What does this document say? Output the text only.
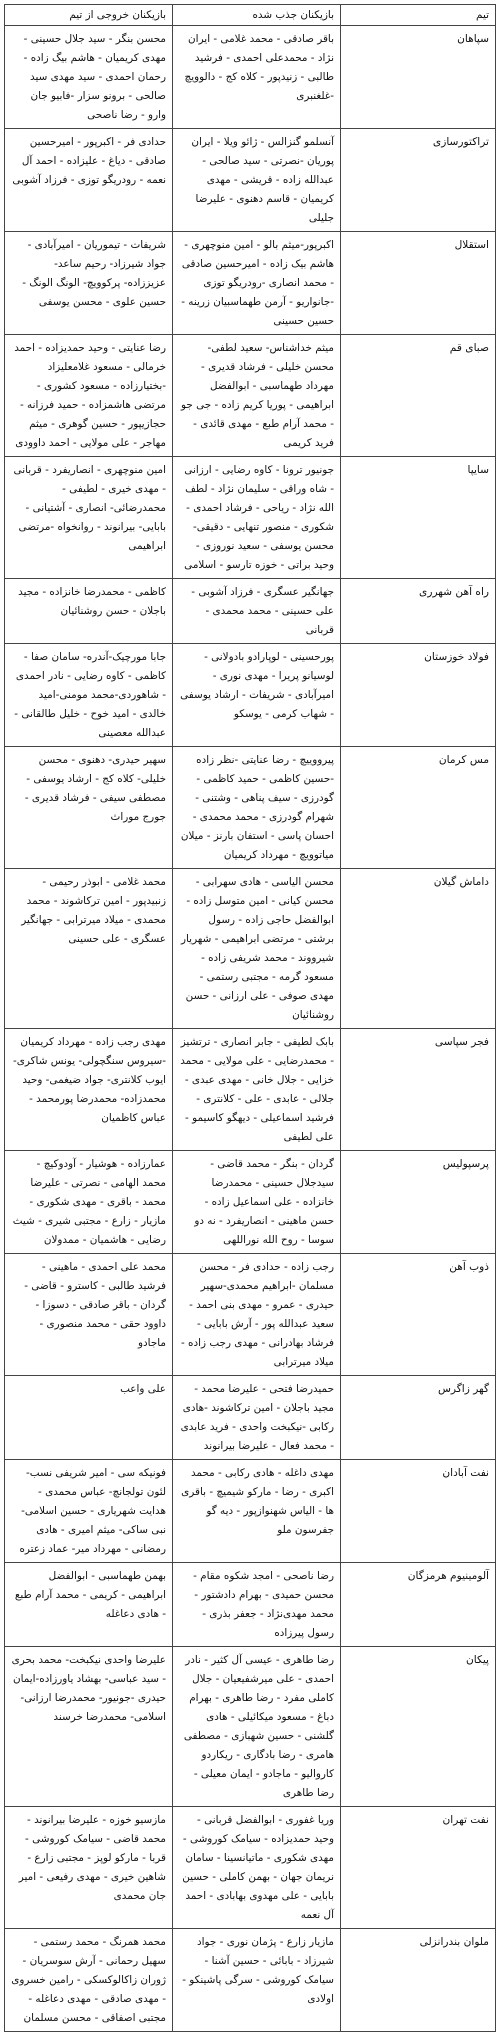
تیم
بازیکنان جذب شده
بازیکنان خروجی از تیم
سپاهان
باقر صادقی - محمد غلامی - ایران نژاد - محمدعلی احمدی - فرشید طالبی - زنیدپور - کلاه کج - دالوویچ -غلغنبری
محسن بنگر - سید جلال حسینی - مهدی کریمیان - هاشم بیگ زاده - رحمان احمدی - سید مهدی سید صالحی - برونو سزار -فابیو جان وارو - رضا ناصحی
تراکتورسازی
آنسلمو گنزالس - ژائو ویلا - ایران پوریان -نصرتی - سید صالحی - عبدالله زاده - قریشی - مهدی کریمیان - قاسم دهنوی - علیرضا جلیلی
حدادی فر - اکبرپور - امیرحسین صادقی - دیاغ - علیزاده - احمد آل نعمه - رودریگو توزی - فرزاد آشوبی
استقلال
اکبرپور-میثم بالو - امین منوچهری - هاشم بیک زاده - امیرحسین صادقی - محمد انصاری -رودریگو توزی -جانواریو - آرمن طهماسبیان زرینه - حسین حسینی
شریفات - تیموریان - امیرآبادی - جواد شیرزاد- رحیم ساعد- عزیززاده- پرکوویچ- الونگ الونگ - حسین علوی - محسن یوسفی
صبای قم
میثم خداشناس- سعید لطفی- محسن خلیلی - فرشاد قدیری - مهرداد طهماسبی - ابوالفضل ابراهیمی - پوریا کریم زاده - جی جو - محمد آرام طبع - مهدی قائدی - فرید کریمی
رضا عنایتی - وحید حمدیزاده - احمد خرمالی - مسعود غلامعلیزاد -بختیارزاده - مسعود کشوری - مرتضی هاشمزاده - حمید فرزانه - حجازیپور - حسین گوهری - میثم مهاجر - علی مولایی - احمد داوودی
سایپا
جونیور ترونا - کاوه رضایی - ارزانی - شاه وراقی - سلیمان نژاد - لطف الله نژاد - ریاحی - فرشاد احمدی - شکوری - منصور تنهایی - دقیقی-محسن یوسفی - سعید نوروزی - وحید براتی - خوزه تارسو - اسلامی
امین منوچهری - انصاریفرد - قربانی - مهدی خیری - لطیفی - محمدرضائی- انصاری - آشتیانی - بابایی- بیرانوند - روانخواه -مرتضی ابراهیمی
راه آهن شهرری
جهانگیر عسگری - فرزاد آشوبی - علی حسینی - محمد محمدی - قربانی
کاظمی - محمدرضا خانزاده - مجید باجلان - حسن روشنائیان
فولاد خوزستان
پورحسینی - لوپارادو بادولانی - لوسیانو پریرا - مهدی نوری - امیرآبادی - شریفات - ارشاد یوسفی - شهاب کرمی - یوسکو
جابا مورچیک-آندره- سامان صفا - کاظمی - کاوه رضایی - نادر احمدی - شاهوردی-محمد مومنی-امید خالدی - امید خوح - خلیل طالقانی - عبدالله معصینی
مس کرمان
پیرووییچ - رضا عنایتی -نظر زاده -حسین کاظمی - حمید کاظمی - گودرزی - سیف پناهی - وشتنی - شهرام گودرزی - محمد محمدی - احسان پاسی - استفان بارنز - میلان میاتوویچ - مهرداد کریمیان
سهیر حیدری- دهنوی - محسن خلیلی- کلاه کج - ارشاد یوسفی - مصطفی سیفی - فرشاد قدیری - جورج موراث
داماش گیلان
محسن الیاسی - هادی سهرابی - محسن کیانی - امین متوسل زاده - ابوالفضل حاجی زاده - رسول برشتی - مرتضی ابراهیمی - شهریار شیرووند - محمد شریفی زاده - مسعود گرمه - مجتبی رستمی - مهدی صوفی - علی ارزانی - حسن روشنائیان
محمد غلامی - ابوذر رحیمی - زنبیدپور - امین ترکاشوند - محمد محمدی - میلاد میرترابی - جهانگیر عسگری - علی حسینی
فجر سپاسی
بابک لطیفی - جابر انصاری - ترتشیز - محمدرضایی - علی مولایی - محمد خزایی - جلال خانی - مهدی عبدی - جلالی - عابدی - علی - کلانتری - فرشید اسماعیلی - دیهگو کاسیمو - علی لطیفی
مهدی رجب زاده - مهرداد کریمیان -سیروس سنگچولی- یونس شاکری- ایوب کلانتری- جواد ضیغمی- وحید محمدزاده- محمدرضا پورمحمد - عباس کاظمیان
پرسپولیس
گردان - بنگر - محمد قاضی - سیدجلال حسینی - محمدرضا خانزاده - علی اسماعیل زاده - حسن ماهینی - انصاریفرد - نه دو سوسا - روح الله نوراللهی
عمارزاده - هوشیار - آودوکیچ - محمد الهامی - نصرتی - علیرضا محمد - باقری - مهدی شکوری - مازیار - زارع - مجتبی شیری - شیث رضایی - هاشمیان - ممدولان
ذوب آهن
رجب زاده - حدادی فر - محسن مسلمان -ابراهیم محمدی-سهیر حیدری - عمرو - مهدی بنی احمد - سعید عبدالله پور - آرش بابایی - فرشاد بهادرانی - مهدی رجب زاده - میلاد میرترابی
محمد علی احمدی - ماهینی - فرشید طالبی - کاسترو - قاضی - گردان - باقر صادقی - دسوزا - داوود حقی - محمد منصوری - ماجادو
گهر زاگرس
حمیدرضا فتحی - علیرضا محمد - مجید باجلان - امین ترکاشوند -هادی رکابی -نیکبخت واحدی - فرید عابدی - محمد فعال - علیرضا بیرانوند
علی واعب
نفت آبادان
مهدی داغله - هادی رکابی - محمد اکبری - رضا - مارکو شیمیچ - باقری ها - الیاس شهنوازپور - دیه گو جفرسون ملو
فونیکه سی - امیر شریفی نسب- لئون تولجانچ- عباس محمدی - هدایت شهریاری - حسین اسلامی- نبی ساکی- میثم امیری - هادی رمضانی - مهرداد میر- عماد زعتره
آلومینیوم هرمزگان
رضا ناصحی - امجد شکوه مقام - محسن حمیدی - بهرام دادشتور - محمد مهدی‌نژاد - جعفر بذری - رسول پیرزاده
بهمن طهماسبی - ابوالفضل ابراهیمی - کریمی - محمد آرام طبع - هادی دعاغله
پیکان
رضا طاهری - عیسی آل کثیر - نادر احمدی - علی میرشفیعیان - جلال کاملی مفرد - رضا طاهری - بهرام دباغ - مسعود میکائیلی - هادی گلشنی - حسین شهبازی - مصطفی هامری - رضا بادگاری - ریکاردو کاروالیو - ماجادو - ایمان معیلی - رضا طاهری
علیرضا واحدی نیکبخت- محمد بحری - سید عباسی- بهشاد یاورزاده-ایمان حیدری -جونیور- محمدرضا ارزانی- اسلامی- محمدرضا خرسند
نفت تهران
وریا غفوری - ابوالفضل قربانی - وحید حمدیزاده - سیامک کوروشی - مهدی شکوری - ماتیانسینا - سامان نریمان جهان - بهمن کاملی - حسین بابایی - علی مهدوی بهابادی - احمد آل نعمه
مازسیو خوزه - علیرضا بیرانوند - محمد قاضی - سیامک کوروشی - قربا - مارکو لوپز - مجتبی زارع - شاهین خیری - مهدی رفیعی - امیر جان محمدی
ملوان بندرانزلی
مازیار زارع - پژمان نوری - جواد شیرزاد - بابائی - حسین آشنا - سیامک کوروشی - سرگی پاشینکو - اولادی
محمد همرنگ - محمد رستمی - سهیل رحمانی - آرش سوسریان - ژوران زاکالوکسکی - رامین خسروی - مهدی صادقی - مهدی دعاغله - مجتبی اصفاقی - محسن مسلمان
